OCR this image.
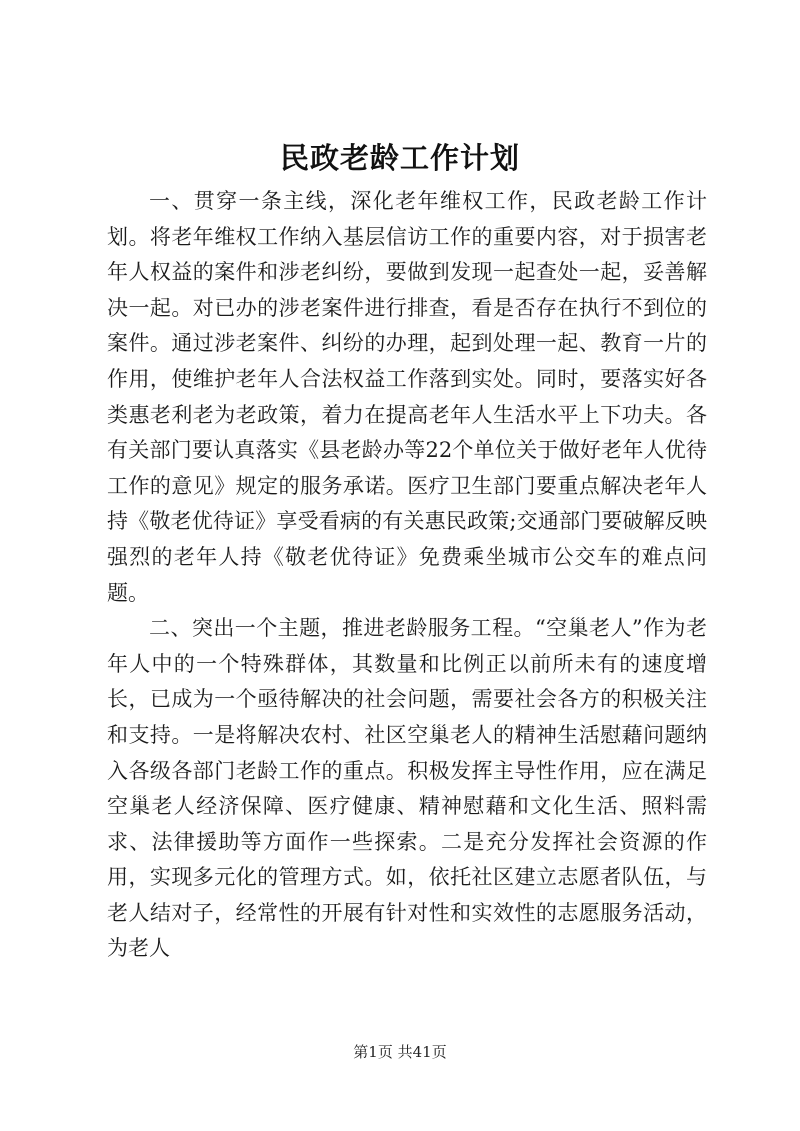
民政老龄工作计划

一、贯穿一条主线，深化老年维权工作，民政老龄工作计划。将老年维权工作纳入基层信访工作的重要内容，对于损害老年人权益的案件和涉老纠纷，要做到发现一起查处一起，妥善解决一起。对已办的涉老案件进行排查，看是否存在执行不到位的案件。通过涉老案件、纠纷的办理，起到处理一起、教育一片的作用，使维护老年人合法权益工作落到实处。同时，要落实好各类惠老利老为老政策，着力在提高老年人生活水平上下功夫。各有关部门要认真落实《县老龄办等22个单位关于做好老年人优待工作的意见》规定的服务承诺。医疗卫生部门要重点解决老年人持《敬老优待证》享受看病的有关惠民政策;交通部门要破解反映强烈的老年人持《敬老优待证》免费乘坐城市公交车的难点问题。

二、突出一个主题，推进老龄服务工程。“空巢老人”作为老年人中的一个特殊群体，其数量和比例正以前所未有的速度增长，已成为一个亟待解决的社会问题，需要社会各方的积极关注和支持。一是将解决农村、社区空巢老人的精神生活慰藉问题纳入各级各部门老龄工作的重点。积极发挥主导性作用，应在满足空巢老人经济保障、医疗健康、精神慰藉和文化生活、照料需求、法律援助等方面作一些探索。二是充分发挥社会资源的作用，实现多元化的管理方式。如，依托社区建立志愿者队伍，与老人结对子，经常性的开展有针对性和实效性的志愿服务活动，为老人

第1页 共41页
